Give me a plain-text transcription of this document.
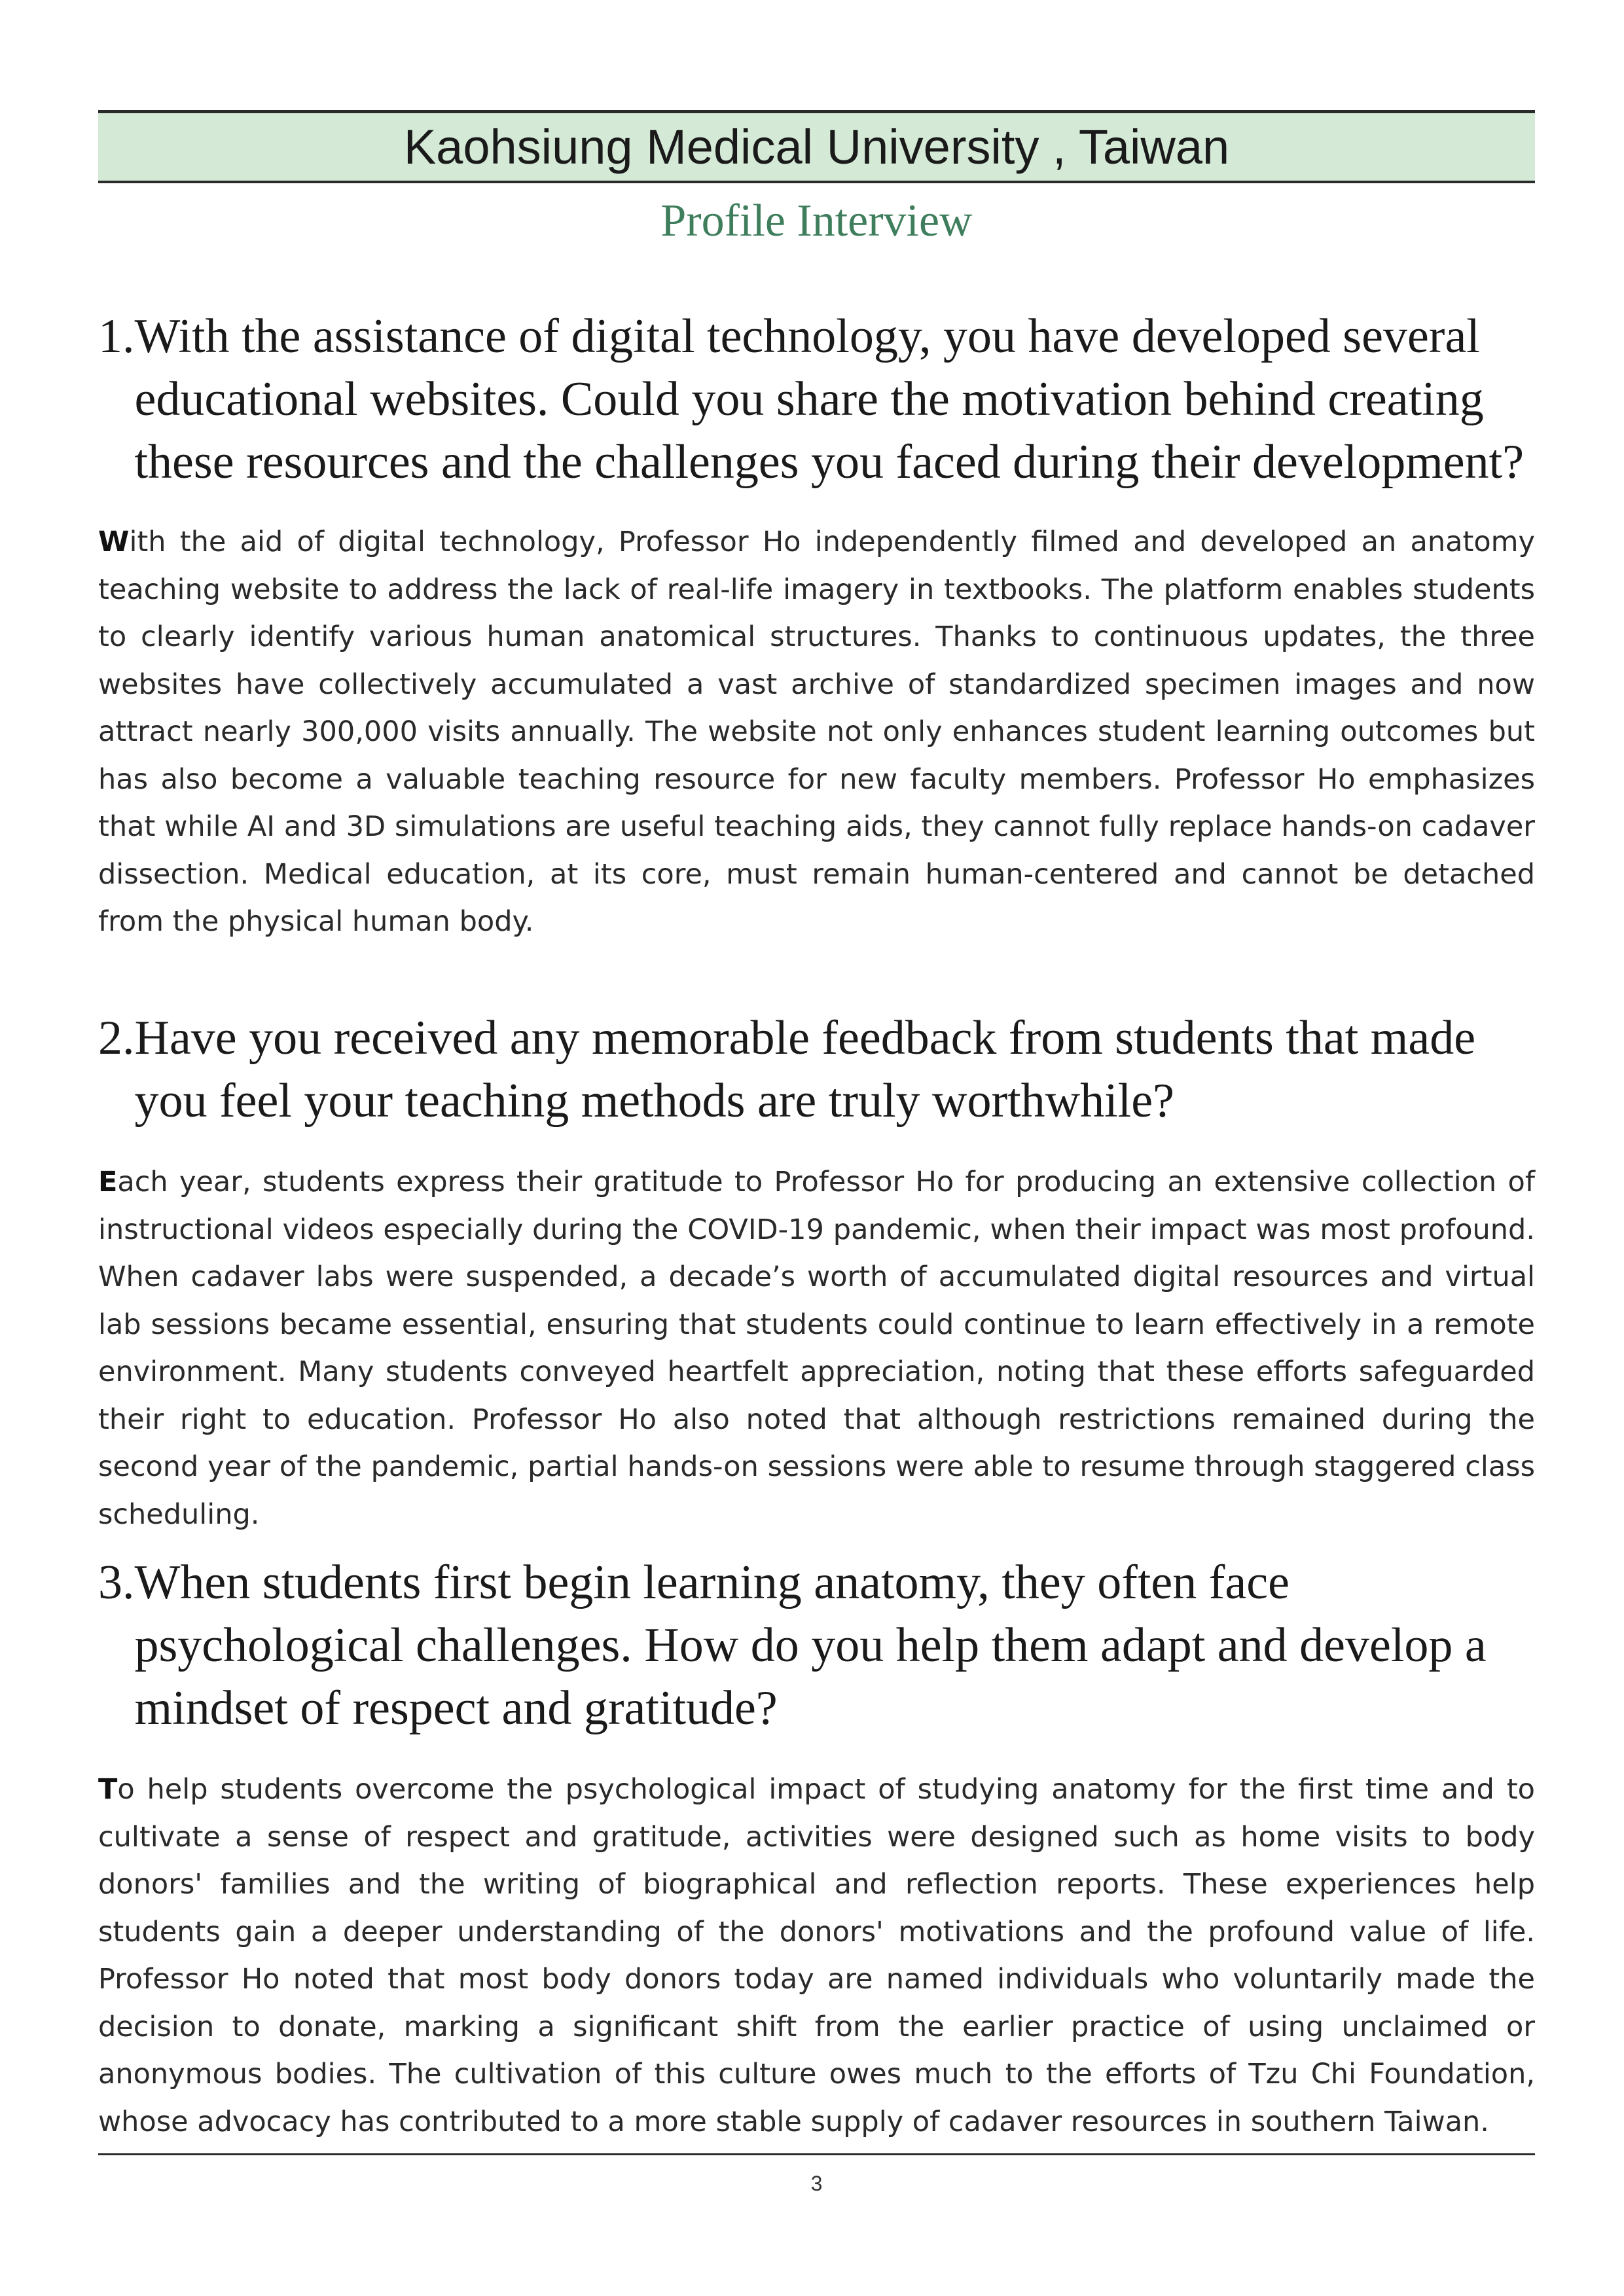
Kaohsiung Medical University , Taiwan
Profile Interview
1. With the assistance of digital technology, you have developed several educational websites. Could you share the motivation behind creating these resources and the challenges you faced during their development?

With the aid of digital technology, Professor Ho independently filmed and developed an anatomy teaching website to address the lack of real-life imagery in textbooks. The platform enables students to clearly identify various human anatomical structures. Thanks to continuous updates, the three websites have collectively accumulated a vast archive of standardized specimen images and now attract nearly 300,000 visits annually. The website not only enhances student learning outcomes but has also become a valuable teaching resource for new faculty members. Professor Ho emphasizes that while AI and 3D simulations are useful teaching aids, they cannot fully replace hands-on cadaver dissection. Medical education, at its core, must remain human-centered and cannot be detached from the physical human body.

2. Have you received any memorable feedback from students that made you feel your teaching methods are truly worthwhile?

Each year, students express their gratitude to Professor Ho for producing an extensive collection of instructional videos especially during the COVID-19 pandemic, when their impact was most profound. When cadaver labs were suspended, a decade’s worth of accumulated digital resources and virtual lab sessions became essential, ensuring that students could continue to learn effectively in a remote environment. Many students conveyed heartfelt appreciation, noting that these efforts safeguarded their right to education. Professor Ho also noted that although restrictions remained during the second year of the pandemic, partial hands-on sessions were able to resume through staggered class scheduling.

3. When students first begin learning anatomy, they often face psychological challenges. How do you help them adapt and develop a mindset of respect and gratitude?

To help students overcome the psychological impact of studying anatomy for the first time and to cultivate a sense of respect and gratitude, activities were designed such as home visits to body donors' families and the writing of biographical and reflection reports. These experiences help students gain a deeper understanding of the donors' motivations and the profound value of life. Professor Ho noted that most body donors today are named individuals who voluntarily made the decision to donate, marking a significant shift from the earlier practice of using unclaimed or anonymous bodies. The cultivation of this culture owes much to the efforts of Tzu Chi Foundation, whose advocacy has contributed to a more stable supply of cadaver resources in southern Taiwan.

3
